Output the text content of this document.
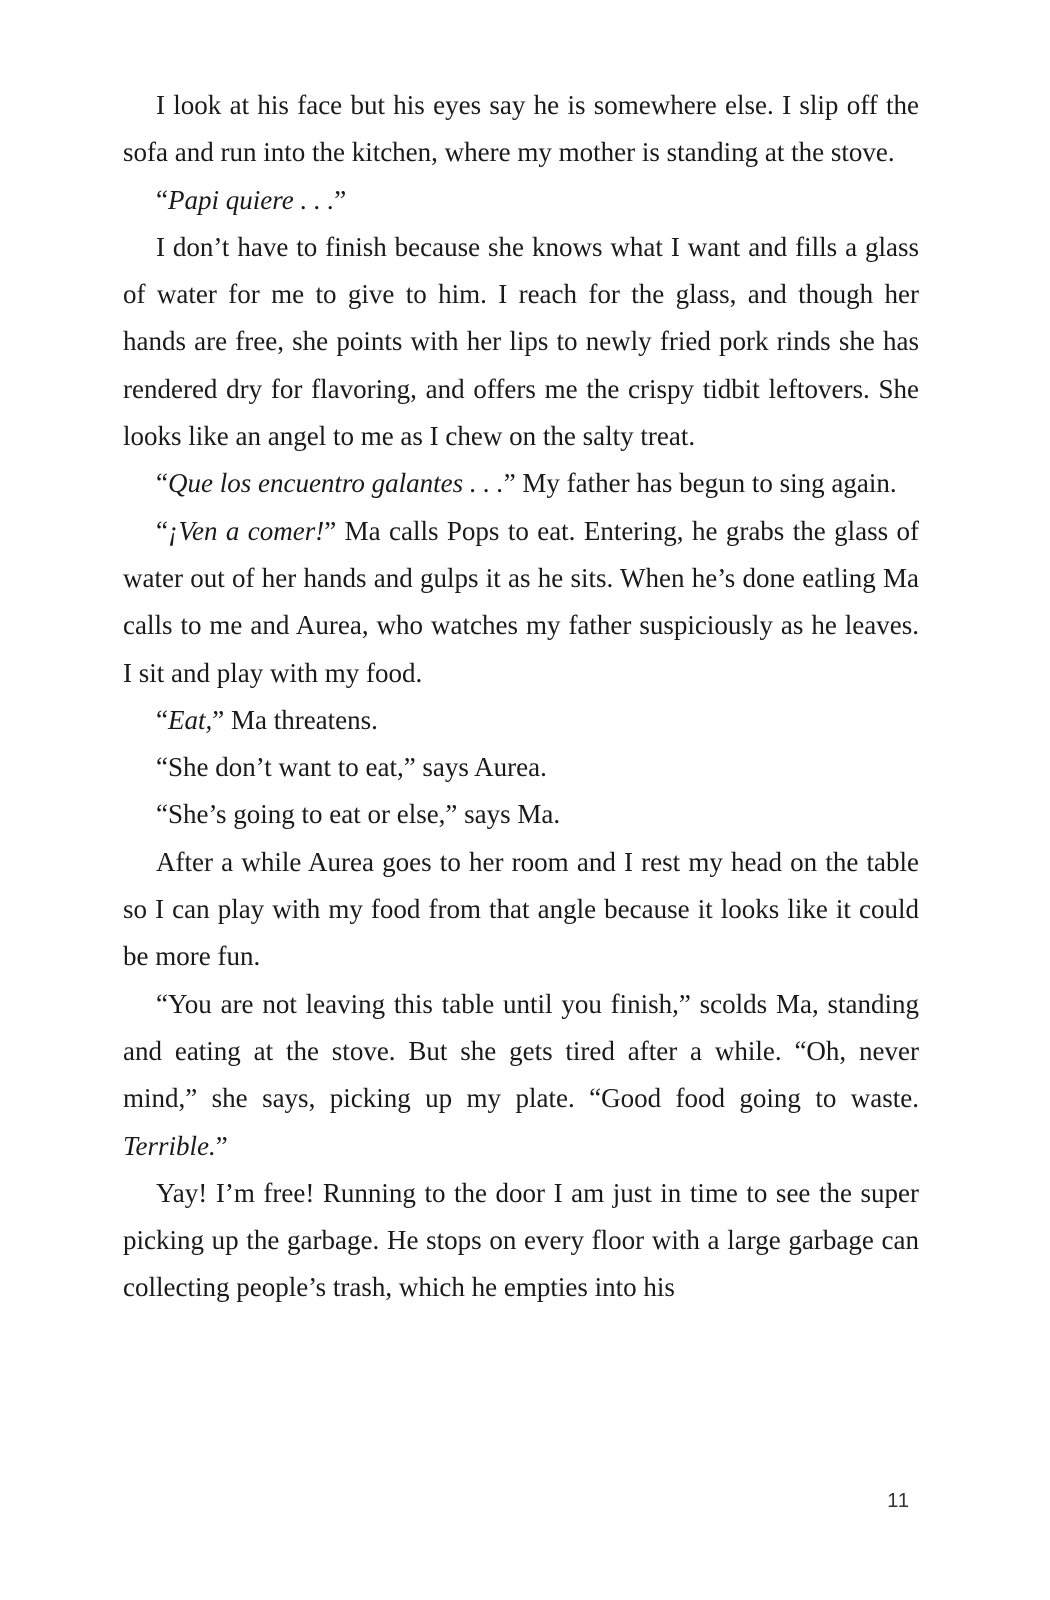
I look at his face but his eyes say he is somewhere else. I slip off the sofa and run into the kitchen, where my mother is standing at the stove.

“Papi quiere . . .”

I don’t have to finish because she knows what I want and fills a glass of water for me to give to him. I reach for the glass, and though her hands are free, she points with her lips to newly fried pork rinds she has rendered dry for flavoring, and offers me the crispy tidbit leftovers. She looks like an angel to me as I chew on the salty treat.

“Que los encuentro galantes . . .” My father has begun to sing again.

“¡Ven a comer!” Ma calls Pops to eat. Entering, he grabs the glass of water out of her hands and gulps it as he sits. When he’s done eatling Ma calls to me and Aurea, who watches my father suspiciously as he leaves. I sit and play with my food.

“Eat,” Ma threatens.

“She don’t want to eat,” says Aurea.

“She’s going to eat or else,” says Ma.

After a while Aurea goes to her room and I rest my head on the table so I can play with my food from that angle because it looks like it could be more fun.

“You are not leaving this table until you finish,” scolds Ma, standing and eating at the stove. But she gets tired after a while. “Oh, never mind,” she says, picking up my plate. “Good food going to waste. Terrible.”

Yay! I’m free! Running to the door I am just in time to see the super picking up the garbage. He stops on every floor with a large garbage can collecting people’s trash, which he empties into his

11
